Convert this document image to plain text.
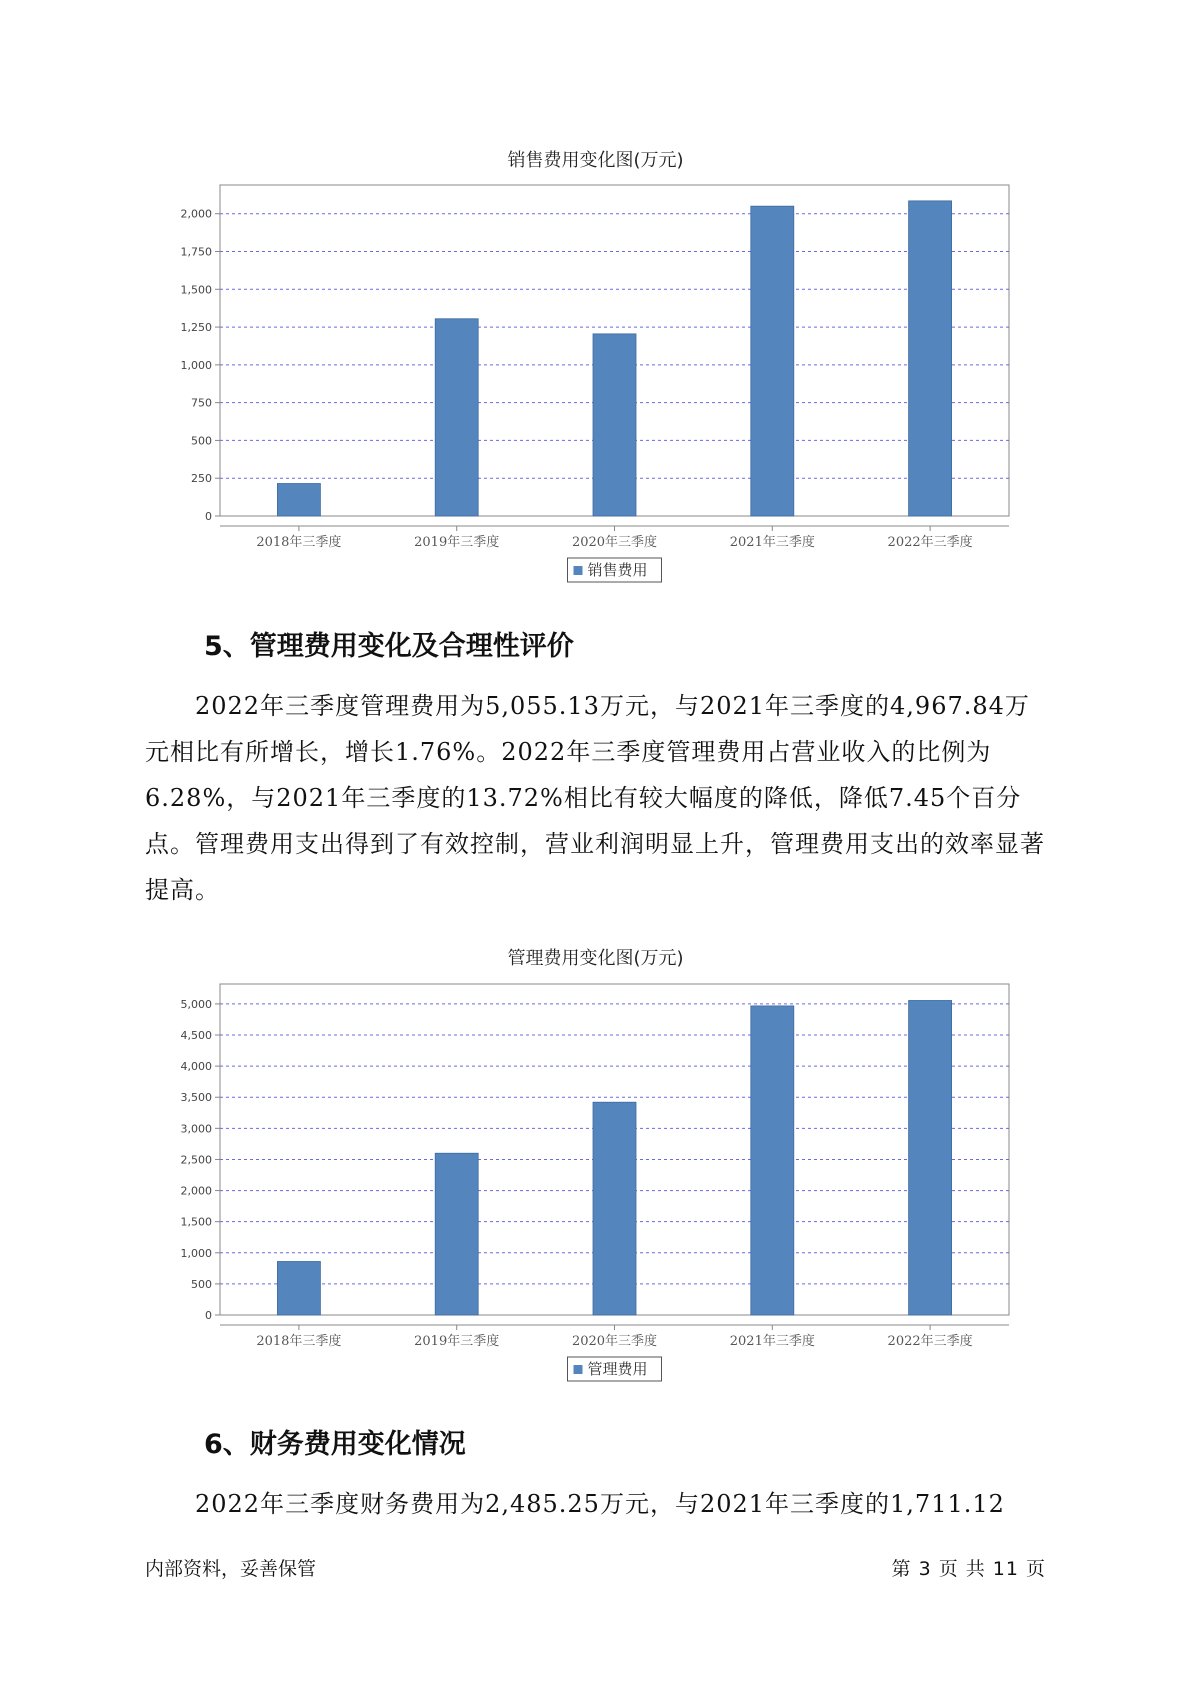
销售费用变化图(万元)
0
250
500
750
1,000
1,250
1,500
1,750
2,000
2018年三季度	2019年三季度	2020年三季度	2021年三季度	2022年三季度
销售费用
5、管理费用变化及合理性评价

2022年三季度管理费用为5,055.13万元，与2021年三季度的4,967.84万元相比有所增长，增长1.76%。2022年三季度管理费用占营业收入的比例为6.28%，与2021年三季度的13.72%相比有较大幅度的降低，降低7.45个百分点。管理费用支出得到了有效控制，营业利润明显上升，管理费用支出的效率显著提高。

管理费用变化图(万元)
0
500
1,000
1,500
2,000
2,500
3,000
3,500
4,000
4,500
5,000
2018年三季度	2019年三季度	2020年三季度	2021年三季度	2022年三季度
管理费用
6、财务费用变化情况

2022年三季度财务费用为2,485.25万元，与2021年三季度的1,711.12

内部资料，妥善保管	第 3 页 共 11 页
